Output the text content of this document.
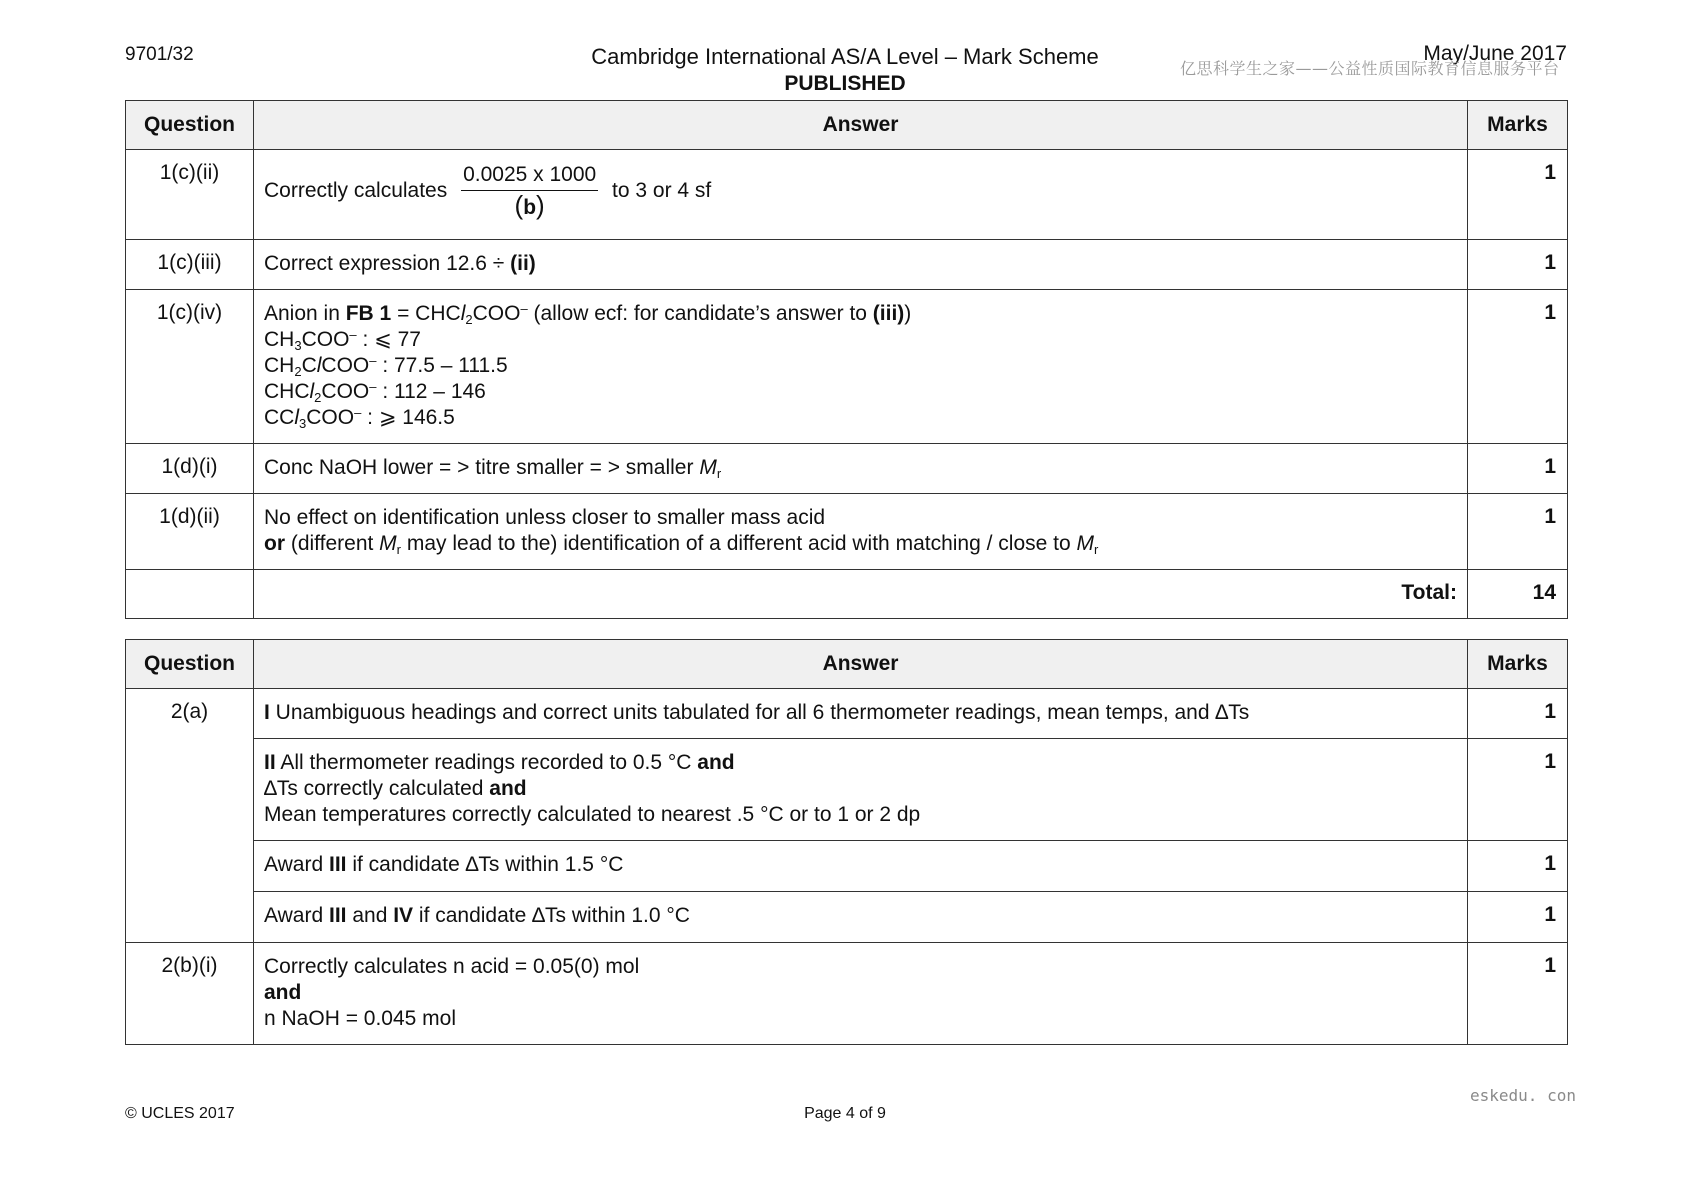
9701/32	Cambridge International AS/A Level – Mark Scheme
PUBLISHED
May/June 2017
亿思科学生之家——公益性质国际教育信息服务平台
Question	Answer	Marks
1(c)(ii)	Correctly calculates $\frac{0.0025 x 1000}{(b)}$ to 3 or 4 sf	1
1(c)(iii)	Correct expression 12.6 ÷ (ii)	1
1(c)(iv)	Anion in FB 1 = CHCl$_2$COO– (allow ecf: for candidate’s answer to (iii))
$CH_3COO^-$ : ⩽ 77
$CH_2ClCOO^-$ : 77.5 – 111.5
CHCl$_2$COO– : 112 – 146
CCl$_3$COO– : ⩾ 146.5	1
1(d)(i)	Conc NaOH lower = > titre smaller = > smaller $M_r$	1
1(d)(ii)	No effect on identification unless closer to smaller mass acid
or (different $M_r$ may lead to the) identification of a different acid with matching / close to $M_r$	1
	Total:	14
Question	Answer	Marks
2(a)	I Unambiguous headings and correct units tabulated for all 6 thermometer readings, mean temps, and ∆Ts	1

	II All thermometer readings recorded to 0.5 °C and
∆Ts correctly calculated and
Mean temperatures correctly calculated to nearest .5 °C or to 1 or 2 dp	1
	Award III if candidate ∆Ts within 1.5 °C	1
	Award III and IV if candidate ∆Ts within 1.0 °C	1
2(b)(i)	Correctly calculates n acid = 0.05(0) mol
and
n NaOH = 0.045 mol	1
eskedu. con
© UCLES 2017	Page 4 of 9
